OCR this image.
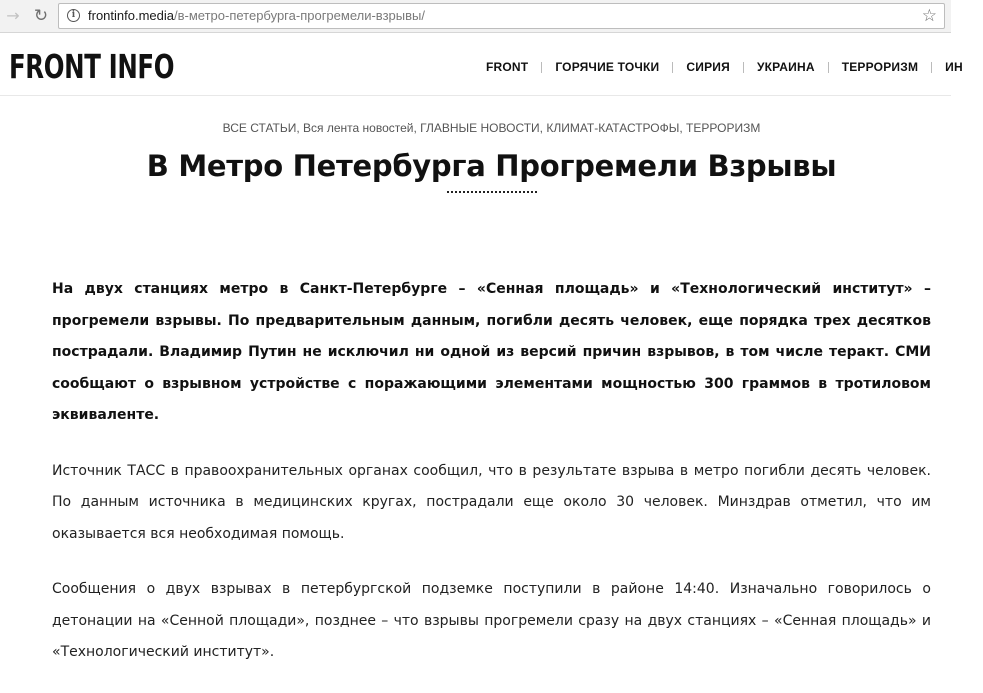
→ ↻	i frontinfo.media/в-метро-петербурга-прогремели-взрывы/	☆
FRONT INFO	FRONT ГОРЯЧИЕ ТОЧКИ СИРИЯ УКРАИНА ТЕРРОРИЗМ ИН
ВСЕ СТАТЬИ, Вся лента новостей, ГЛАВНЫЕ НОВОСТИ, КЛИМАТ-КАТАСТРОФЫ, ТЕРРОРИЗМ
В Метро Петербурга Прогремели Взрывы

На двух станциях метро в Санкт-Петербурге – «Сенная площадь» и «Технологический институт» – прогремели взрывы. По предварительным данным, погибли десять человек, еще порядка трех десятков пострадали. Владимир Путин не исключил ни одной из версий причин взрывов, в том числе теракт. СМИ сообщают о взрывном устройстве с поражающими элементами мощностью 300 граммов в тротиловом эквиваленте.

Источник ТАСС в правоохранительных органах сообщил, что в результате взрыва в метро погибли десять человек. По данным источника в медицинских кругах, пострадали еще около 30 человек. Минздрав отметил, что им оказывается вся необходимая помощь.

Сообщения о двух взрывах в петербургской подземке поступили в районе 14:40. Изначально говорилось о детонации на «Сенной площади», позднее – что взрывы прогремели сразу на двух станциях – «Сенная площадь» и «Технологический институт».
